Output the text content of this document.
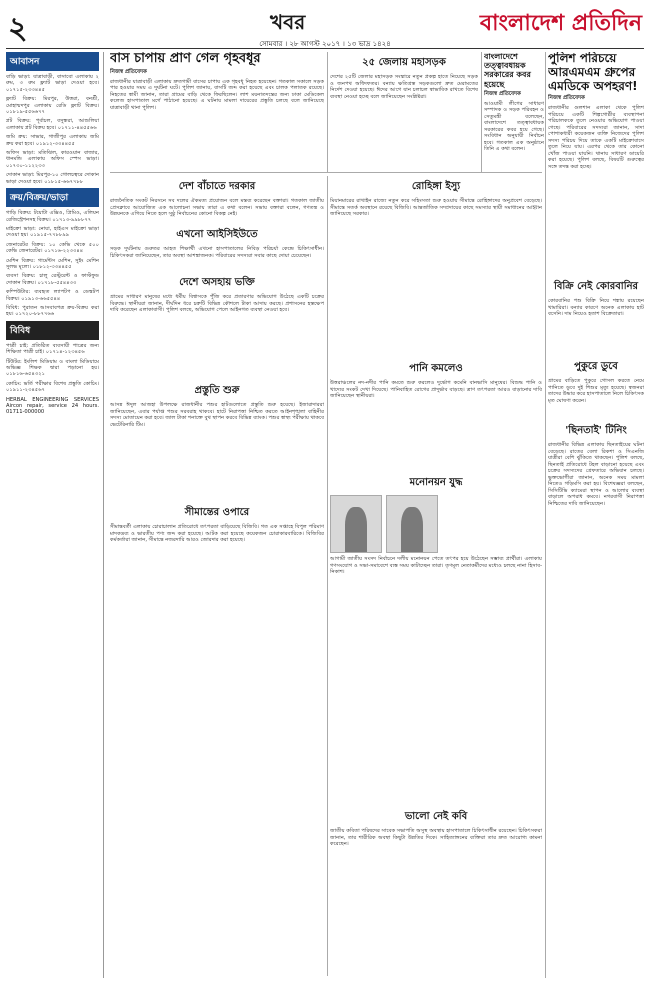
২	খবর	বাংলাদেশ প্রতিদিন
সোমবার । ২৮ আগস্ট ২০১৭ । ১৩ ভাদ্র ১৪২৪
আবাসন
বাড়ি ভাড়া: যাত্রাবাড়ী, বাসাবো এলাকায় ২ রুম, ৩ রুম ফ্ল্যাট ভাড়া দেওয়া হবে। ০১৭১৫-২৩৩৪৪৫
ফ্ল্যাট বিক্রয়: মিরপুর, উত্তরা, বনশ্রী, মোহাম্মদপুর এলাকায় রেডি ফ্ল্যাট বিক্রয়। ০১৮১৯-৫৫৬৬৭৭
প্লট বিক্রয়: পূর্বাচল, বসুন্ধরা, আশুলিয়া এলাকায় প্লট বিক্রয় হবে। ০১৭১১-৪৪৫৫৬৬
জমি ক্রয়: সাভার, গাজীপুর এলাকায় জমি ক্রয় করা হবে। ০১৯১২-৩৩৪৪৫৫
অফিস ভাড়া: মতিঝিল, কারওয়ান বাজার, ধানমন্ডি এলাকায় অফিস স্পেস ভাড়া। ০১৭৩০-১১২২৩৩
দোকান ভাড়া: মিরপুর-১০ গোলচত্বরে দোকান ভাড়া দেওয়া হবে। ০১৮১৫-৬৬৭৭৮৮
ক্রয়/বিক্রয়/ভাড়া
গাড়ি বিক্রয়: টয়োটা এক্সিও, প্রিমিও, এলিয়ন রেজিস্ট্রেশনসহ বিক্রয়। ০১৭১৩-৯৯৮৮৭৭
মাইক্রো ভাড়া: নোয়া, হাইএস মাইক্রো ভাড়া দেওয়া হয়। ০১৯১৫-৭৭৮৮৯৯
জেনারেটর বিক্রয়: ১০ কেভি থেকে ৫০০ কেভি জেনারেটর। ০১৭১৬-২২৩৩৪৪
মেশিন বিক্রয়: গার্মেন্টস মেশিন, সুইং মেশিন সুলভ মূল্যে। ০১৮১২-৩৩৪৪৫৫
ব্যবসা বিক্রয়: চালু রেস্টুরেন্ট ও ফাস্টফুড দোকান বিক্রয়। ০১৭১৮-৫৫৪৪৩৩
কম্পিউটার: ব্যবহৃত ল্যাপটপ ও ডেস্কটপ বিক্রয়। ০১৯১৩-৬৬৫৫৪৪
বিবিধ: পুরাতন আসবাবপত্র ক্রয়-বিক্রয় করা হয়। ০১৭২০-৮৮৭৭৬৬
বিবিধ
পাত্রী চাই: প্রতিষ্ঠিত ব্যবসায়ী পাত্রের জন্য শিক্ষিতা পাত্রী চাই। ০১৭১৪-১২৩৪৫৬
টিউটর: ইংলিশ মিডিয়াম ও বাংলা মিডিয়ামে অভিজ্ঞ শিক্ষক দ্বারা পড়ানো হয়। ০১৮১৬-৬৫৪৩২১
কোচিং: ভর্তি পরীক্ষার বিশেষ প্রস্তুতি কোচিং। ০১৯১১-২৩৪৫৬৭
HERBAL ENGINEERING SERVICES Aircon repair, service 24 hours. 01711-000000
বাস চাপায় প্রাণ গেল গৃহবধূর
নিজস্ব প্রতিবেদক
রাজধানীর যাত্রাবাড়ী এলাকায় দ্রুতগামী বাসের চাপায় এক গৃহবধূ নিহত হয়েছেন। গতকাল সকালে সড়ক পার হওয়ার সময় এ দুর্ঘটনা ঘটে। পুলিশ জানায়, বাসটি জব্দ করা হয়েছে এবং চালক পলাতক রয়েছে। নিহতের স্বামী জানান, তারা গ্রামের বাড়ি থেকে ফিরছিলেন। লাশ ময়নাতদন্তের জন্য ঢাকা মেডিকেল কলেজ হাসপাতাল মর্গে পাঠানো হয়েছে। এ ঘটনায় মামলা দায়েরের প্রস্তুতি চলছে বলে জানিয়েছে যাত্রাবাড়ী থানা পুলিশ।
২৫ জেলায় মহাসড়ক
দেশের ২৫টি জেলার মহাসড়ক সংস্কারে নতুন প্রকল্প হাতে নিয়েছে সড়ক ও জনপথ অধিদফতর। বন্যায় ক্ষতিগ্রস্ত সড়কগুলো দ্রুত মেরামতের নির্দেশ দেওয়া হয়েছে। ঈদের আগে যান চলাচল স্বাভাবিক রাখতে বিশেষ ব্যবস্থা নেওয়া হচ্ছে বলে জানিয়েছেন সংশ্লিষ্টরা।
বাংলাদেশে তত্ত্বাবধায়ক সরকারের কবর হয়েছে
নিজস্ব প্রতিবেদক
আওয়ামী লীগের সাধারণ সম্পাদক ও সড়ক পরিবহন ও সেতুমন্ত্রী বলেছেন, বাংলাদেশে তত্ত্বাবধায়ক সরকারের কবর হয়ে গেছে। সংবিধান অনুযায়ী নির্বাচন হবে। গতকাল এক অনুষ্ঠানে তিনি এ কথা বলেন।
পুলিশ পরিচয়ে আরএমএম গ্রুপের এমডিকে অপহরণ!
নিজস্ব প্রতিবেদক
রাজধানীর গুলশান এলাকা থেকে পুলিশ পরিচয়ে একটি শিল্পগোষ্ঠীর ব্যবস্থাপনা পরিচালককে তুলে নেওয়ার অভিযোগ পাওয়া গেছে। পরিবারের সদস্যরা জানান, সাদা পোশাকধারী কয়েকজন ব্যক্তি নিজেদের পুলিশ সদস্য পরিচয় দিয়ে তাকে একটি মাইক্রোবাসে তুলে নিয়ে যায়। এরপর থেকে তার কোনো খোঁজ পাওয়া যায়নি। থানায় সাধারণ ডায়েরি করা হয়েছে। পুলিশ বলছে, বিষয়টি গুরুত্বের সঙ্গে তদন্ত করা হচ্ছে।
দেশ বাঁচাতে দরকার
রাজনৈতিক সংকট নিরসনে সব দলের ঐকমত্য প্রয়োজন বলে মন্তব্য করেছেন বক্তারা। গতকাল জাতীয় প্রেসক্লাবে আয়োজিত এক আলোচনা সভায় তারা এ কথা বলেন। সভায় বক্তারা বলেন, গণতন্ত্র ও উন্নয়নকে এগিয়ে নিতে হলে সুষ্ঠু নির্বাচনের কোনো বিকল্প নেই।
এখনো আইসিইউতে
সড়ক দুর্ঘটনায় গুরুতর আহত শিক্ষার্থী এখনো হাসপাতালের নিবিড় পরিচর্যা কেন্দ্রে চিকিৎসাধীন। চিকিৎসকরা জানিয়েছেন, তার অবস্থা আশঙ্কাজনক। পরিবারের সদস্যরা সবার কাছে দোয়া চেয়েছেন।
দেশে অসহায় ভক্তি
গ্রামের সাধারণ মানুষের মধ্যে ধর্মীয় বিশ্বাসকে পুঁজি করে প্রতারণার অভিযোগ উঠেছে একটি চক্রের বিরুদ্ধে। স্থানীয়রা জানান, দীর্ঘদিন ধরে চক্রটি বিভিন্ন কৌশলে টাকা আদায় করছে। প্রশাসনের হস্তক্ষেপ দাবি করেছেন এলাকাবাসী। পুলিশ বলছে, অভিযোগ পেলে আইনগত ব্যবস্থা নেওয়া হবে।
প্রস্তুতি শুরু
আসন্ন ঈদুল আজহা উপলক্ষে রাজধানীর পশুর হাটগুলোতে প্রস্তুতি শুরু হয়েছে। ইজারাদাররা জানিয়েছেন, এবার পর্যাপ্ত পশুর সরবরাহ থাকবে। হাটে নিরাপত্তা নিশ্চিত করতে আইনশৃঙ্খলা বাহিনীর সদস্য মোতায়েন করা হবে। জাল টাকা শনাক্তে বুথ স্থাপন করবে বিভিন্ন ব্যাংক। পশুর স্বাস্থ্য পরীক্ষায় থাকবে ভেটেরিনারি টিম।
সীমান্তের ওপারে
সীমান্তবর্তী এলাকায় চোরাচালান প্রতিরোধে তৎপরতা বাড়িয়েছে বিজিবি। গত এক সপ্তাহে বিপুল পরিমাণ মাদকদ্রব্য ও ভারতীয় পণ্য জব্দ করা হয়েছে। আটক করা হয়েছে কয়েকজন চোরাকারবারিকে। বিজিবির কর্মকর্তারা জানান, সীমান্তে নজরদারি আরও জোরদার করা হয়েছে।
রোহিঙ্গা ইস্যু
মিয়ানমারের রাখাইন রাজ্যে নতুন করে সহিংসতা শুরু হওয়ায় সীমান্তে রোহিঙ্গাদের অনুপ্রবেশ বেড়েছে। সীমান্তে সতর্ক অবস্থানে রয়েছে বিজিবি। আন্তর্জাতিক সম্প্রদায়ের কাছে সমস্যার স্থায়ী সমাধানের আহ্বান জানিয়েছে সরকার।
পানি কমলেও
উত্তরাঞ্চলের নদ-নদীর পানি কমতে শুরু করলেও দুর্ভোগ কমেনি বানভাসি মানুষের। বিশুদ্ধ পানি ও খাদ্যের সংকট দেখা দিয়েছে। পানিবাহিত রোগের প্রাদুর্ভাব বাড়ছে। ত্রাণ তৎপরতা আরও বাড়ানোর দাবি জানিয়েছেন স্থানীয়রা।
মনোনয়ন যুদ্ধ
আগামী জাতীয় সংসদ নির্বাচনে দলীয় মনোনয়ন পেতে তৎপর হয়ে উঠেছেন সম্ভাব্য প্রার্থীরা। এলাকায় গণসংযোগ ও সভা-সমাবেশে ব্যস্ত সময় কাটাচ্ছেন তারা। তৃণমূল নেতাকর্মীদের মধ্যেও চলছে নানা হিসাব-নিকাশ।
ভালো নেই কবি
জাতীয় কবিতা পরিষদের সাবেক সভাপতি অসুস্থ অবস্থায় হাসপাতালে চিকিৎসাধীন রয়েছেন। চিকিৎসকরা জানান, তার শারীরিক অবস্থা কিছুটা উন্নতির দিকে। সাহিত্যাঙ্গনের ব্যক্তিরা তার দ্রুত আরোগ্য কামনা করেছেন।
বিক্রি নেই কোরবানির
কোরবানির পশু বিক্রি নিয়ে শঙ্কায় রয়েছেন খামারিরা। বন্যার কারণে অনেক এলাকায় হাট বসেনি। দাম নিয়েও হতাশ বিক্রেতারা।
পুকুরে ডুবে
গ্রামের বাড়িতে পুকুরে গোসল করতে নেমে পানিতে ডুবে দুই শিশুর মৃত্যু হয়েছে। স্বজনরা তাদের উদ্ধার করে হাসপাতালে নিলে চিকিৎসক মৃত ঘোষণা করেন।
'ছিনতাই' টিনিং
রাজধানীর বিভিন্ন এলাকায় ছিনতাইয়ের ঘটনা বেড়েছে। রাতের বেলা রিকশা ও সিএনজি যাত্রীরা বেশি ঝুঁকিতে থাকছেন। পুলিশ বলছে, ছিনতাই প্রতিরোধে টহল বাড়ানো হয়েছে এবং চক্রের সদস্যদের গ্রেফতারে অভিযান চলছে। ভুক্তভোগীরা জানান, অনেক সময় মামলা নিতেও গড়িমসি করা হয়। বিশেষজ্ঞরা বলছেন, সিসিটিভি ক্যামেরা স্থাপন ও আলোর ব্যবস্থা বাড়ালে অপরাধ কমবে। নগরবাসী নিরাপত্তা নিশ্চিতের দাবি জানিয়েছেন।
